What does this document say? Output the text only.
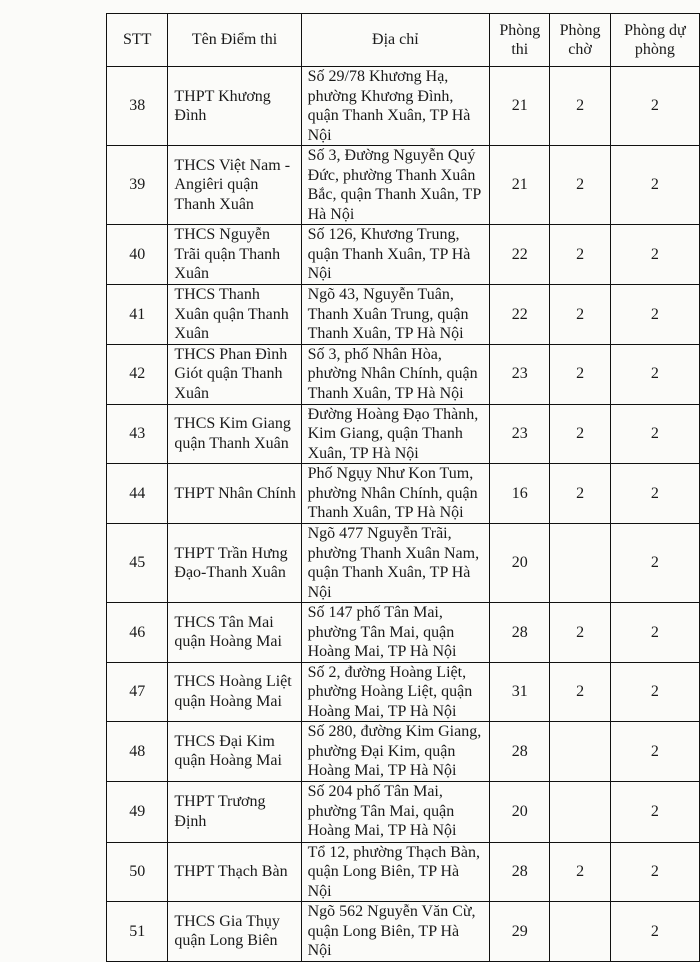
STT	Tên Điểm thi	Địa chỉ	Phòng thi	Phòng chờ	Phòng dự phòng
38	THPT Khương Đình	Số 29/78 Khương Hạ, phường Khương Đình, quận Thanh Xuân, TP Hà Nội	21	2	2
39	THCS Việt Nam - Angiêri quận Thanh Xuân	Số 3, Đường Nguyễn Quý Đức, phường Thanh Xuân Bắc, quận Thanh Xuân, TP Hà Nội	21	2	2
40	THCS Nguyễn Trãi quận Thanh Xuân	Số 126, Khương Trung, quận Thanh Xuân, TP Hà Nội	22	2	2
41	THCS Thanh Xuân quận Thanh Xuân	Ngõ 43, Nguyễn Tuân, Thanh Xuân Trung, quận Thanh Xuân, TP Hà Nội	22	2	2
42	THCS Phan Đình Giót quận Thanh Xuân	Số 3, phố Nhân Hòa, phường Nhân Chính, quận Thanh Xuân, TP Hà Nội	23	2	2
43	THCS Kim Giang quận Thanh Xuân	Đường Hoàng Đạo Thành, Kim Giang, quận Thanh Xuân, TP Hà Nội	23	2	2
44	THPT Nhân Chính	Phố Ngụy Như Kon Tum, phường Nhân Chính, quận Thanh Xuân, TP Hà Nội	16	2	2
45	THPT Trần Hưng Đạo-Thanh Xuân	Ngõ 477 Nguyễn Trãi, phường Thanh Xuân Nam, quận Thanh Xuân, TP Hà Nội	20		2
46	THCS Tân Mai quận Hoàng Mai	Số 147 phố Tân Mai, phường Tân Mai, quận Hoàng Mai, TP Hà Nội	28	2	2
47	THCS Hoàng Liệt quận Hoàng Mai	Số 2, đường Hoàng Liệt, phường Hoàng Liệt, quận Hoàng Mai, TP Hà Nội	31	2	2
48	THCS Đại Kim quận Hoàng Mai	Số 280, đường Kim Giang, phường Đại Kim, quận Hoàng Mai, TP Hà Nội	28		2
49	THPT Trương Định	Số 204 phố Tân Mai, phường Tân Mai, quận Hoàng Mai, TP Hà Nội	20		2
50	THPT Thạch Bàn	Tổ 12, phường Thạch Bàn, quận Long Biên, TP Hà Nội	28	2	2
51	THCS Gia Thụy quận Long Biên	Ngõ 562 Nguyễn Văn Cừ, quận Long Biên, TP Hà Nội	29		2
